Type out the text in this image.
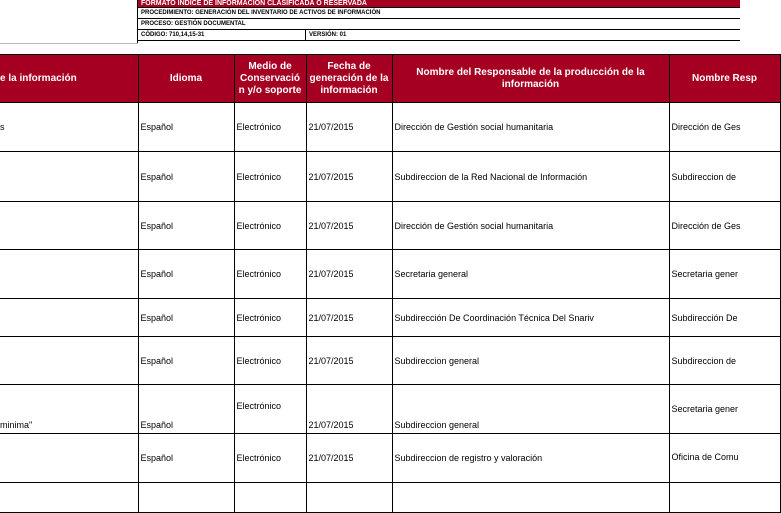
FORMATO ÍNDICE DE INFORMACIÓN CLASIFICADA O RESERVADA
PROCEDIMIENTO: GENERACIÓN DEL INVENTARIO DE ACTIVOS DE INFORMACIÓN
PROCESO: GESTIÓN DOCUMENTAL
CÓDIGO: 710,14,15-31	VERSIÓN: 01
e la información	Idioma	Medio de Conservació n y/o soporte	Fecha de generación de la información	Nombre del Responsable de la producción de la información	Nombre Resp
s	Español	Electrónico	21/07/2015	Dirección de Gestión social humanitaria	Dirección de Ges
	Español	Electrónico	21/07/2015	Subdireccion de la Red Nacional de Información	Subdireccion de
	Español	Electrónico	21/07/2015	Dirección de Gestión social humanitaria	Dirección de Ges
	Español	Electrónico	21/07/2015	Secretaria general	Secretaria gener
	Español	Electrónico	21/07/2015	Subdirección De Coordinación Técnica Del Snariv	Subdirección De
	Español	Electrónico	21/07/2015	Subdireccion general	Subdireccion de
minima"	Español	Electrónico	21/07/2015	Subdireccion general	Secretaria gener
	Español	Electrónico	21/07/2015	Subdireccion de registro y valoración	Oficina de Comu
